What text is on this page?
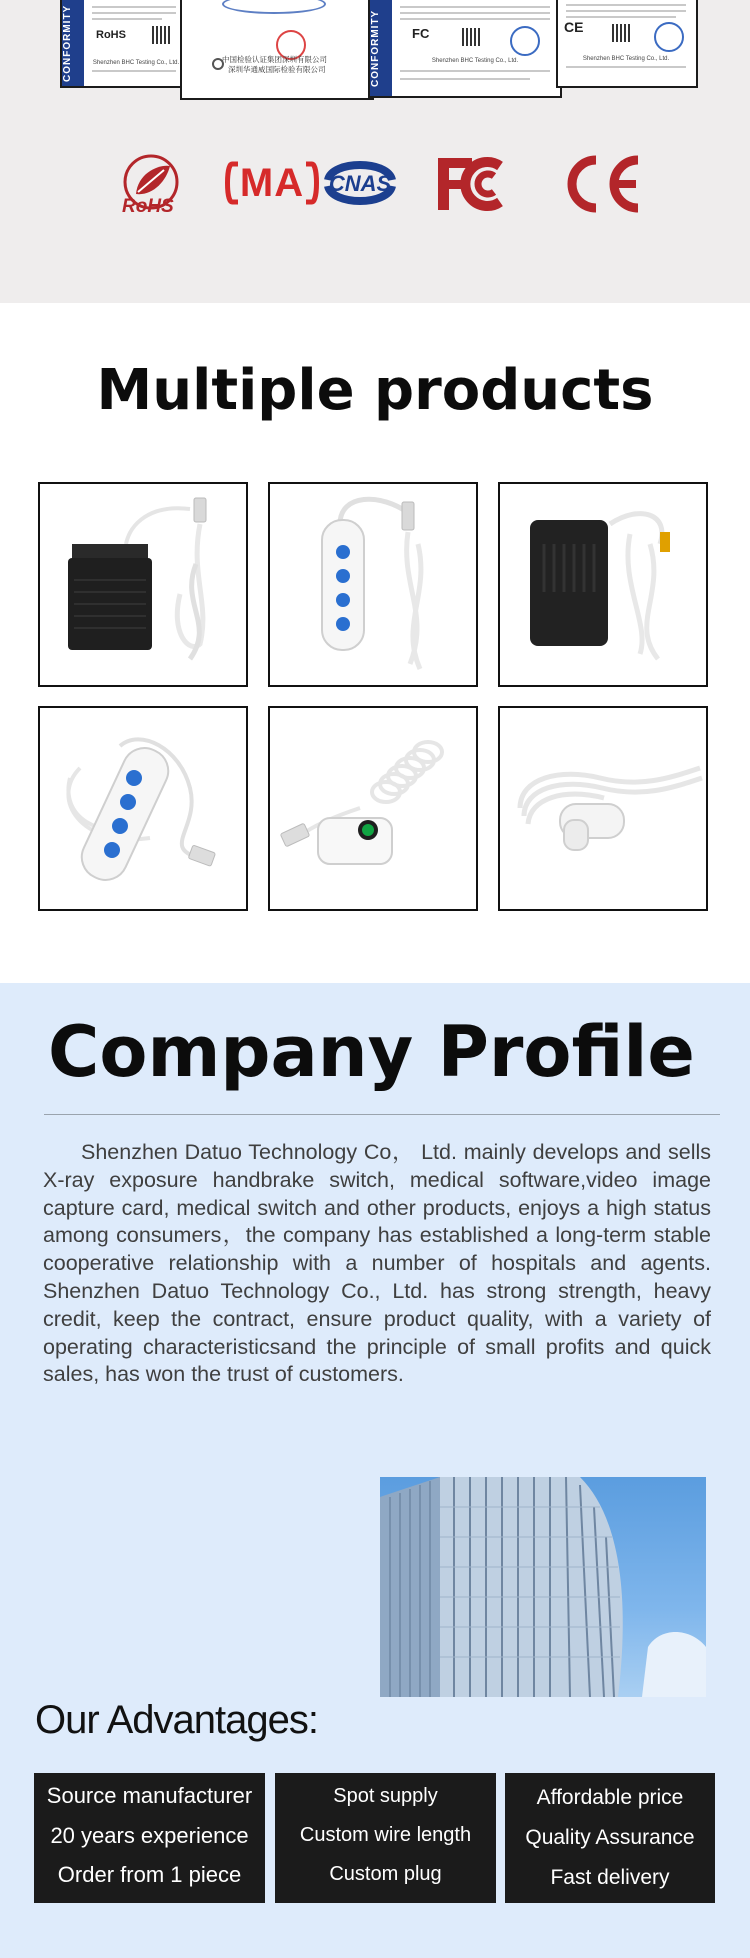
CONFORMITY	RoHS
Shenzhen BHC Testing Co., Ltd.	中国检验认证集团深圳有限公司
深圳华通威国际检验有限公司	CONFORMITY	FC
Shenzhen BHC Testing Co., Ltd.
CE
Shenzhen BHC Testing Co., Ltd.
RoHS
MA	CNAS
Multiple products
Company Profile
Shenzhen Datuo Technology Co， Ltd. mainly develops and sells X-ray exposure handbrake switch, medical software,video image capture card, medical switch and other products, enjoys a high status among consumers，the company has established a long-term stable cooperative relationship with a number of hospitals and agents. Shenzhen Datuo Technology Co., Ltd. has strong strength, heavy credit, keep the contract, ensure product quality, with a variety of operating characteristicsand the principle of small profits and quick sales, has won the trust of customers.
Our Advantages:
Source manufacturer
20 years experience
Order from 1 piece
Spot supply
Custom wire length
Custom plug
Affordable price
Quality Assurance
Fast delivery
